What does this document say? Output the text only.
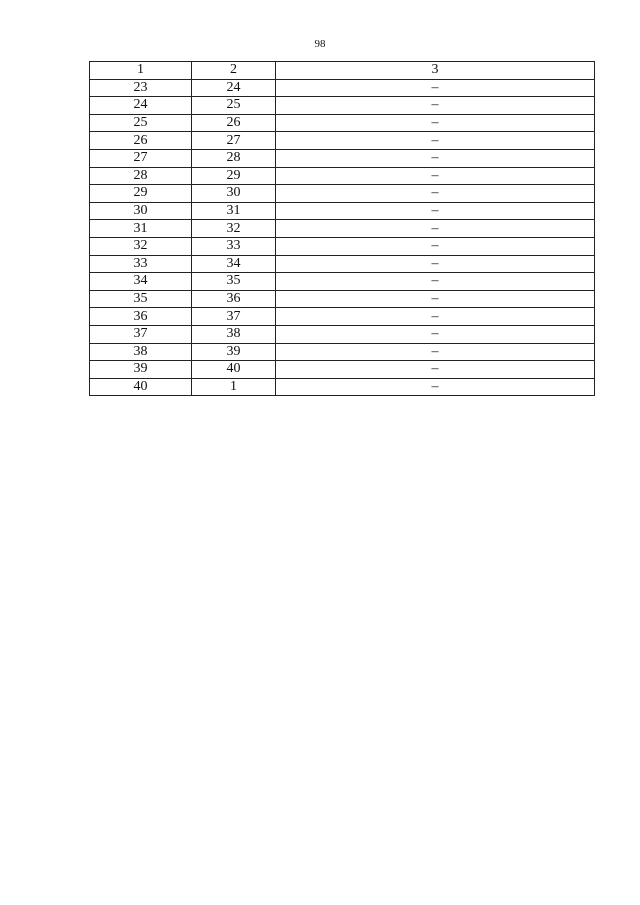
98
1	2	3
23	24	–
24	25	–
25	26	–
26	27	–
27	28	–
28	29	–
29	30	–
30	31	–
31	32	–
32	33	–
33	34	–
34	35	–
35	36	–
36	37	–
37	38	–
38	39	–
39	40	–
40	1	–
